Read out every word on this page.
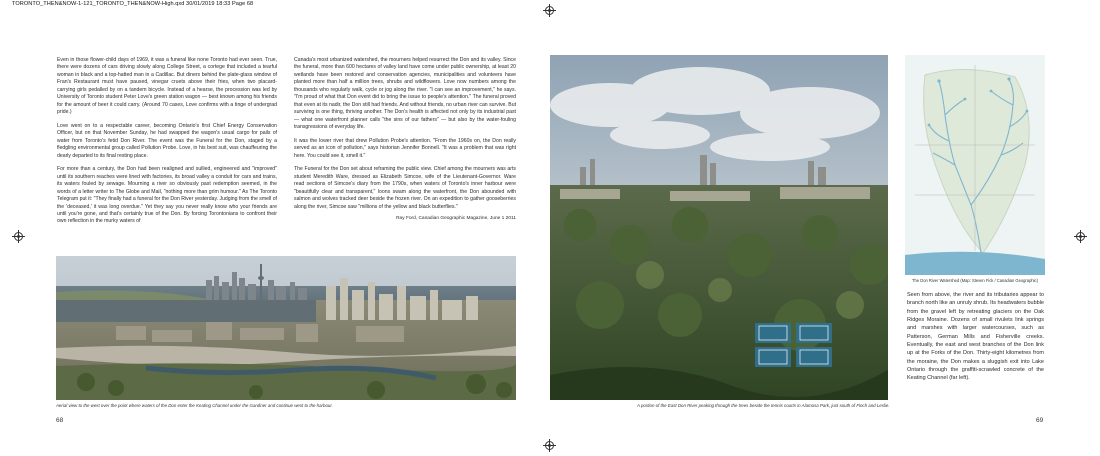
TORONTO_THEN&NOW-1-121_TORONTO_THEN&NOW-High.qxd 30/01/2019 18:33 Page 68

Even in those flower-child days of 1969, it was a funeral like none Toronto had ever seen. True, there were dozens of cars driving slowly along College Street, a cortege that included a tearful woman in black and a top-hatted man in a Cadillac. But diners behind the plate-glass window of Fran's Restaurant must have paused, vinegar cruets above their fries, when two placard-carrying girls pedalled by on a tandem bicycle. Instead of a hearse, the procession was led by University of Toronto student Peter Love's green station wagon — best known among his friends for the amount of beer it could carry. (Around 70 cases, Love confirms with a tinge of undergrad pride.)

Love went on to a respectable career, becoming Ontario's first Chief Energy Conservation Officer, but on that November Sunday, he had swapped the wagon's usual cargo for pails of water from Toronto's fetid Don River. The event was the Funeral for the Don, staged by a fledgling environmental group called Pollution Probe. Love, in his best suit, was chauffeuring the dearly departed to its final resting place.

For more than a century, the Don had been realigned and sullied, engineered and "improved" until its southern reaches were lined with factories, its broad valley a conduit for cars and trains, its waters fouled by sewage. Mourning a river so obviously past redemption seemed, in the words of a letter writer to The Globe and Mail, "nothing more than grim humour." As The Toronto Telegram put it: "They finally had a funeral for the Don River yesterday. Judging from the smell of the 'deceased,' it was long overdue." Yet they say you never really know who your friends are until you're gone, and that's certainly true of the Don. By forcing Torontonians to confront their own reflection in the murky waters of

Canada's most urbanized watershed, the mourners helped resurrect the Don and its valley. Since the funeral, more than 600 hectares of valley land have come under public ownership, at least 20 wetlands have been restored and conservation agencies, municipalities and volunteers have planted more than half a million trees, shrubs and wildflowers. Love now numbers among the thousands who regularly walk, cycle or jog along the river. "I can see an improvement," he says. "I'm proud of what that Don event did to bring the issue to people's attention." The funeral proved that even at its nadir, the Don still had friends. And without friends, no urban river can survive. But surviving is one thing, thriving another. The Don's health is affected not only by its industrial past — what one waterfront planner calls "the sins of our fathers" — but also by the water-fouling transgressions of everyday life.

It was the lower river that drew Pollution Probe's attention. "From the 1960s on, the Don really served as an icon of pollution," says historian Jennifer Bonnell. "It was a problem that was right here. You could see it, smell it."

The Funeral for the Don set about reframing the public view. Chief among the mourners was arts student Meredith Ware, dressed as Elizabeth Simcoe, wife of the Lieutenant-Governor. Ware read sections of Simcoe's diary from the 1790s, when waters of Toronto's inner harbour were "beautifully clear and transparent," loons swam along the waterfront, the Don abounded with salmon and wolves tracked deer beside the frozen river. On an expedition to gather gooseberries along the river, Simcoe saw "millions of the yellow and black butterflies."

Ray Ford, Canadian Geographic Magazine, June 1 2011
Aerial view to the west over the point where waters of the Don enter the Keating Channel under the Gardiner and continue west to the harbour.
68
A portion of the East Don River peaking through the trees beside the tennis courts in Alamosa Park, just south of Finch and Leslie.
69
The Don River Watershed (Map: Steven Fick / Canadian Geographic)
Seen from above, the river and its tributaries appear to branch north like an unruly shrub. Its headwaters bubble from the gravel left by retreating glaciers on the Oak Ridges Moraine. Dozens of small rivulets link springs and marshes with larger watercourses, such as Patterson, German Mills and Fisherville creeks. Eventually, the east and west branches of the Don link up at the Forks of the Don. Thirty-eight kilometres from the moraine, the Don makes a sluggish exit into Lake Ontario through the graffiti-scrawled concrete of the Keating Channel (far left).
